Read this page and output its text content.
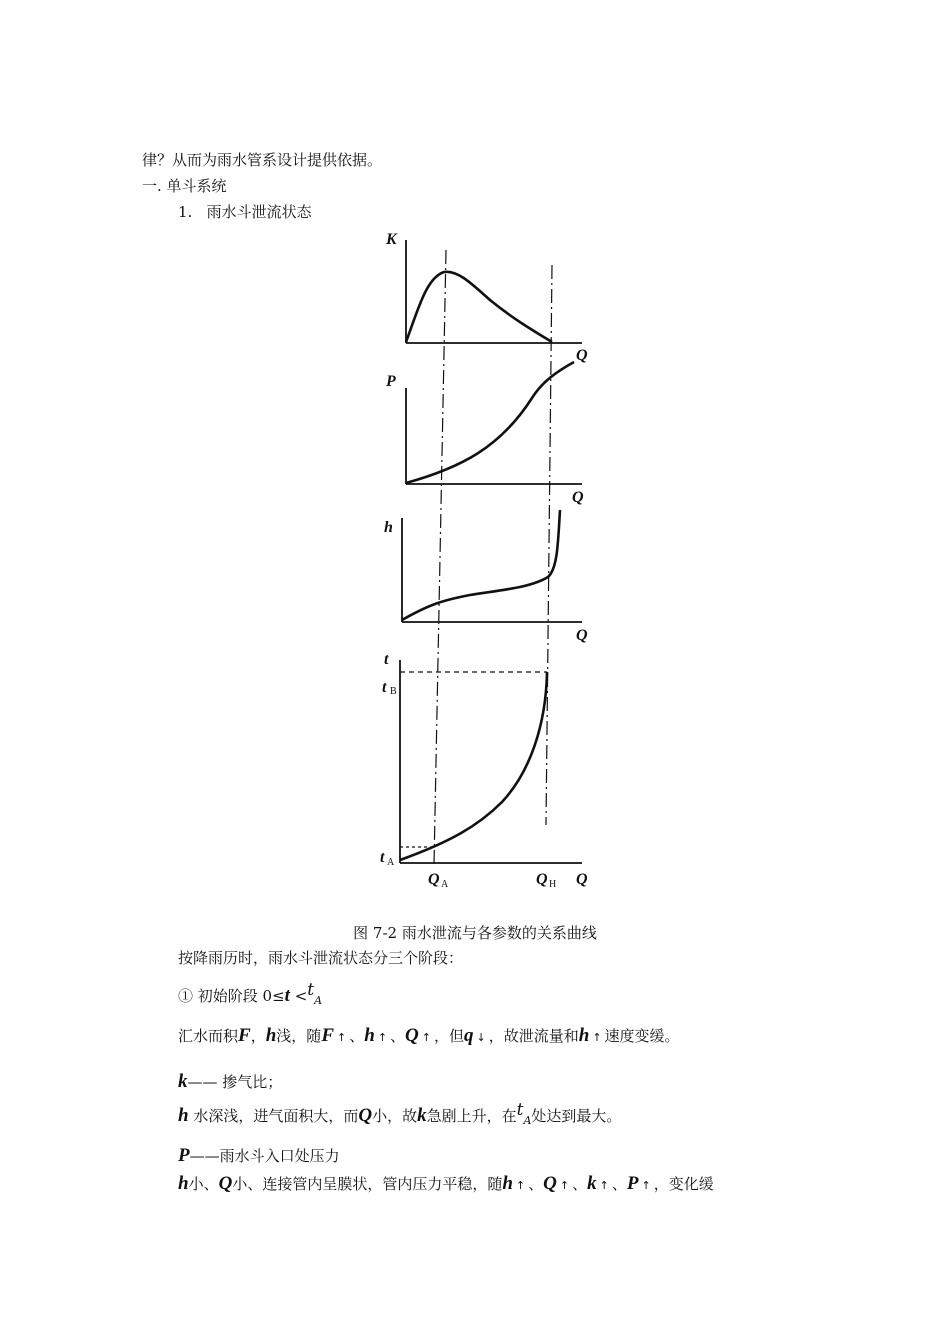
律？从而为雨水管系设计提供依据。
一. 单斗系统
1. 雨水斗泄流状态
K
Q
P
Q
h
Q
t
t B
t A
Q A	Q H Q
图 7-2 雨水泄流与各参数的关系曲线
按降雨历时，雨水斗泄流状态分三个阶段：
① 初始阶段 $0\le t <t_A$
汇水而积F，h浅，随F ↑ 、h ↑ 、Q ↑ ，但q ↓ ，故泄流量和h ↑ 速度变缓。
k—— 掺气比；
h 水深浅，进气面积大，而Q小，故k急剧上升，在$t_A$处达到最大。
P——雨水斗入口处压力
h小、Q小、连接管内呈膜状，管内压力平稳，随h ↑ 、Q ↑ 、k ↑ 、P ↑ ，变化缓
